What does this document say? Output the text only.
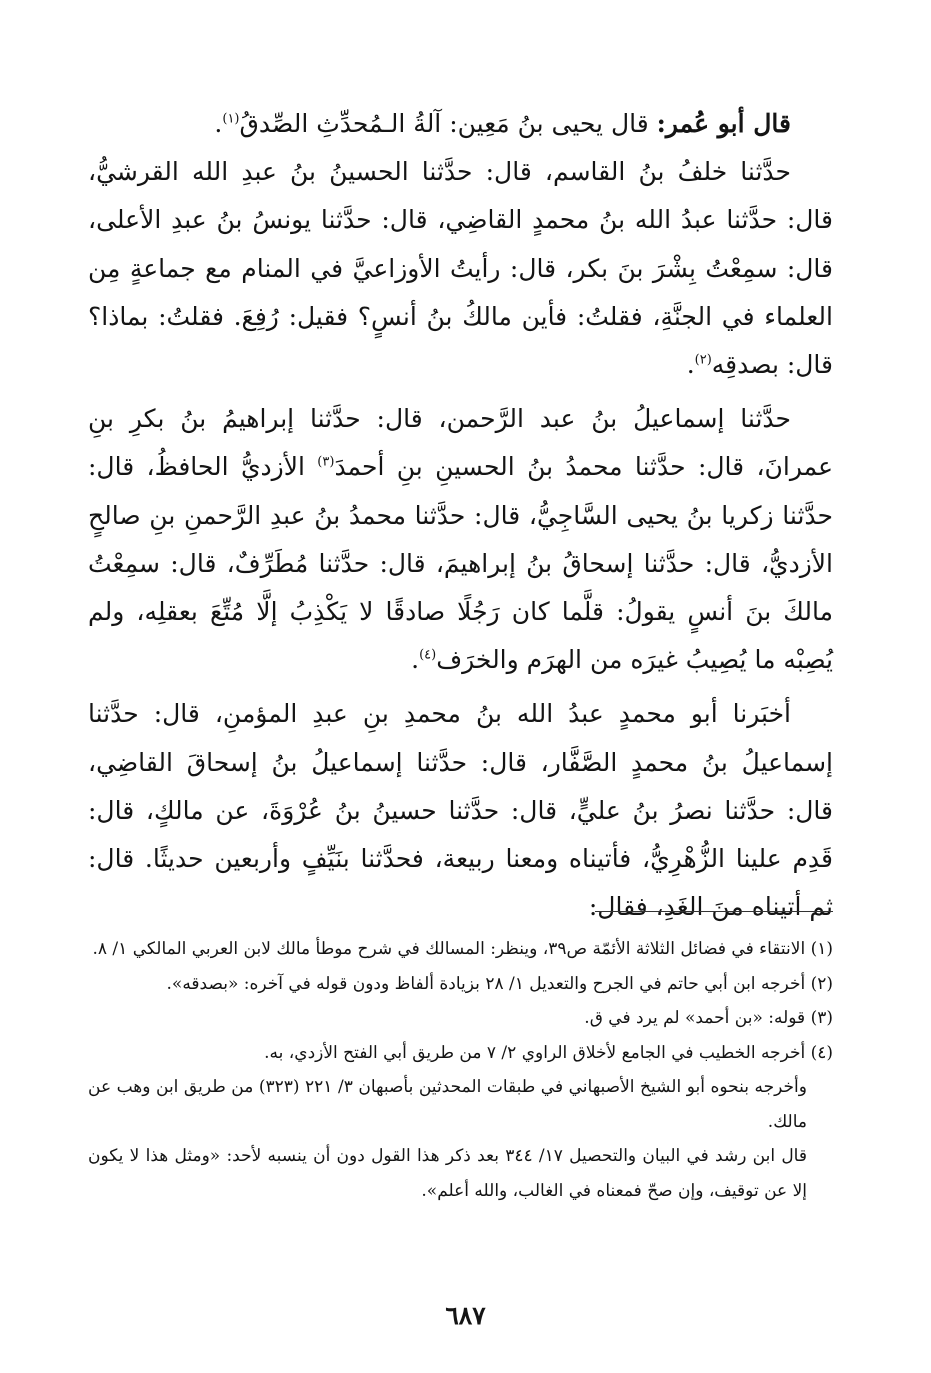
قال أبو عُمر: قال يحيى بنُ مَعِين: آلةُ الـمُحدِّثِ الصِّدقُ$^{(١)}$.

حدَّثنا خلفُ بنُ القاسم، قال: حدَّثنا الحسينُ بنُ عبدِ الله القرشيُّ، قال: حدَّثنا عبدُ الله بنُ محمدٍ القاضِي، قال: حدَّثنا يونسُ بنُ عبدِ الأعلى، قال: سمِعْتُ بِشْرَ بنَ بكر، قال: رأيتُ الأوزاعيَّ في المنام مع جماعةٍ مِن العلماء في الجنَّةِ، فقلتُ: فأين مالكُ بنُ أنسٍ؟ فقيل: رُفِعَ. فقلتُ: بماذا؟ قال: بصدقِه$^{(٢)}$.

حدَّثنا إسماعيلُ بنُ عبد الرَّحمن، قال: حدَّثنا إبراهيمُ بنُ بكرِ بنِ عمرانَ، قال: حدَّثنا محمدُ بنُ الحسينِ بنِ أحمدَ$^{(٣)}$ الأزديُّ الحافظُ، قال: حدَّثنا زكريا بنُ يحيى السَّاجِيُّ، قال: حدَّثنا محمدُ بنُ عبدِ الرَّحمنِ بنِ صالحٍ الأزديُّ، قال: حدَّثنا إسحاقُ بنُ إبراهيمَ، قال: حدَّثنا مُطَرِّفٌ، قال: سمِعْتُ مالكَ بنَ أنسٍ يقولُ: قلَّما كان رَجُلًا صادقًا لا يَكْذِبُ إلَّا مُتِّعَ بعقلِه، ولم يُصِبْه ما يُصِيبُ غيرَه من الهرَم والخرَف$^{(٤)}$.

أخبَرنا أبو محمدٍ عبدُ الله بنُ محمدِ بنِ عبدِ المؤمنِ، قال: حدَّثنا إسماعيلُ بنُ محمدٍ الصَّفَّار، قال: حدَّثنا إسماعيلُ بنُ إسحاقَ القاضِي، قال: حدَّثنا نصرُ بنُ عليٍّ، قال: حدَّثنا حسينُ بنُ عُرْوَةَ، عن مالكٍ، قال: قَدِم علينا الزُّهْرِيُّ، فأتيناه ومعنا ربيعة، فحدَّثنا بنَيِّفٍ وأربعين حديثًا. قال: ثم أتيناه منَ الغَدِ، فقال:

(١) الانتقاء في فضائل الثلاثة الأئمّة ص٣٩، وينظر: المسالك في شرح موطأ مالك لابن العربي المالكي ١/ ٨.

(٢) أخرجه ابن أبي حاتم في الجرح والتعديل ١/ ٢٨ بزيادة ألفاظ ودون قوله في آخره: «بصدقه».

(٣) قوله: «بن أحمد» لم يرد في ق.

(٤) أخرجه الخطيب في الجامع لأخلاق الراوي ٢/ ٧ من طريق أبي الفتح الأزدي، به.

وأخرجه بنحوه أبو الشيخ الأصبهاني في طبقات المحدثين بأصبهان ٣/ ٢٢١ (٣٢٣) من طريق ابن وهب عن مالك.

قال ابن رشد في البيان والتحصيل ١٧/ ٣٤٤ بعد ذكر هذا القول دون أن ينسبه لأحد: «ومثل هذا لا يكون إلا عن توقيف، وإن صحّ فمعناه في الغالب، والله أعلم».

٦٨٧
